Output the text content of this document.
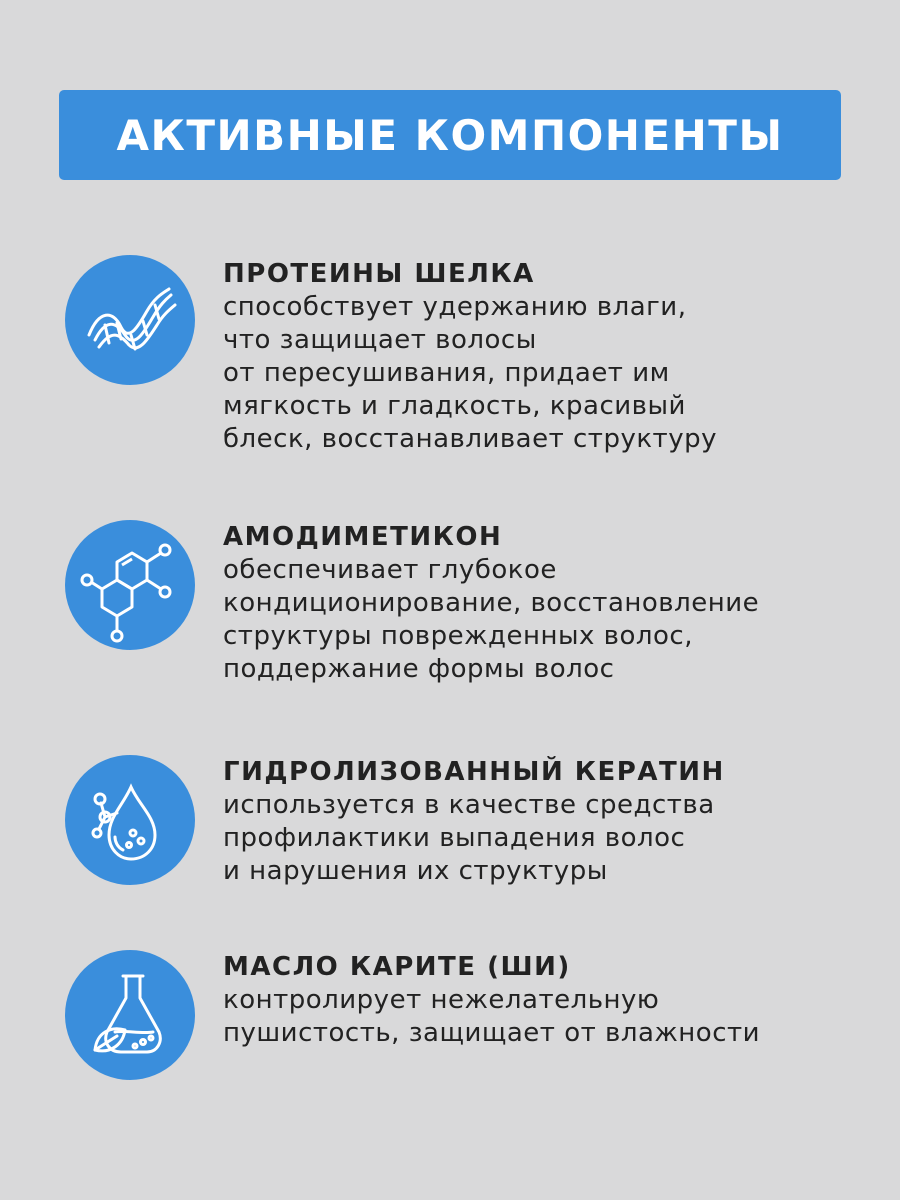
АКТИВНЫЕ КОМПОНЕНТЫ

ПРОТЕИНЫ ШЕЛКА

способствует удержанию влаги,
что защищает волосы
от пересушивания, придает им
мягкость и гладкость, красивый
блеск, восстанавливает структуру

АМОДИМЕТИКОН

обеспечивает глубокое
кондиционирование, восстановление
структуры поврежденных волос,
поддержание формы волос

ГИДРОЛИЗОВАННЫЙ КЕРАТИН

используется в качестве средства
профилактики выпадения волос
и нарушения их структуры

МАСЛО КАРИТЕ (ШИ)

контролирует нежелательную
пушистость, защищает от влажности
